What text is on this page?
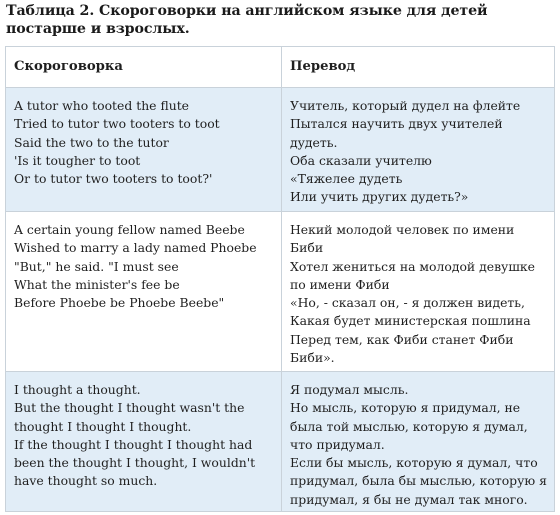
Таблица 2. Скороговорки на английском языке для детей постарше и взрослых.
Скороговорка	Перевод
A tutor who tooted the flute
Tried to tutor two tooters to toot
Said the two to the tutor
'Is it tougher to toot
Or to tutor two tooters to toot?'
Учитель, который дудел на флейте
Пытался научить двух учителей
дудеть.
Оба сказали учителю
«Тяжелее дудеть
Или учить других дудеть?»
A certain young fellow named Beebe
Wished to marry a lady named Phoebe
"But," he said. "I must see
What the minister's fee be
Before Phoebe be Phoebe Beebe"
Некий молодой человек по имени
Биби
Хотел жениться на молодой девушке
по имени Фиби
«Но, - сказал он, - я должен видеть,
Какая будет министерская пошлина
Перед тем, как Фиби станет Фиби
Биби».
I thought a thought.
But the thought I thought wasn't the
thought I thought I thought.
If the thought I thought I thought had
been the thought I thought, I wouldn't
have thought so much.
Я подумал мысль.
Но мысль, которую я придумал, не
была той мыслью, которую я думал,
что придумал.
Если бы мысль, которую я думал, что
придумал, была бы мыслью, которую я
придумал, я бы не думал так много.
